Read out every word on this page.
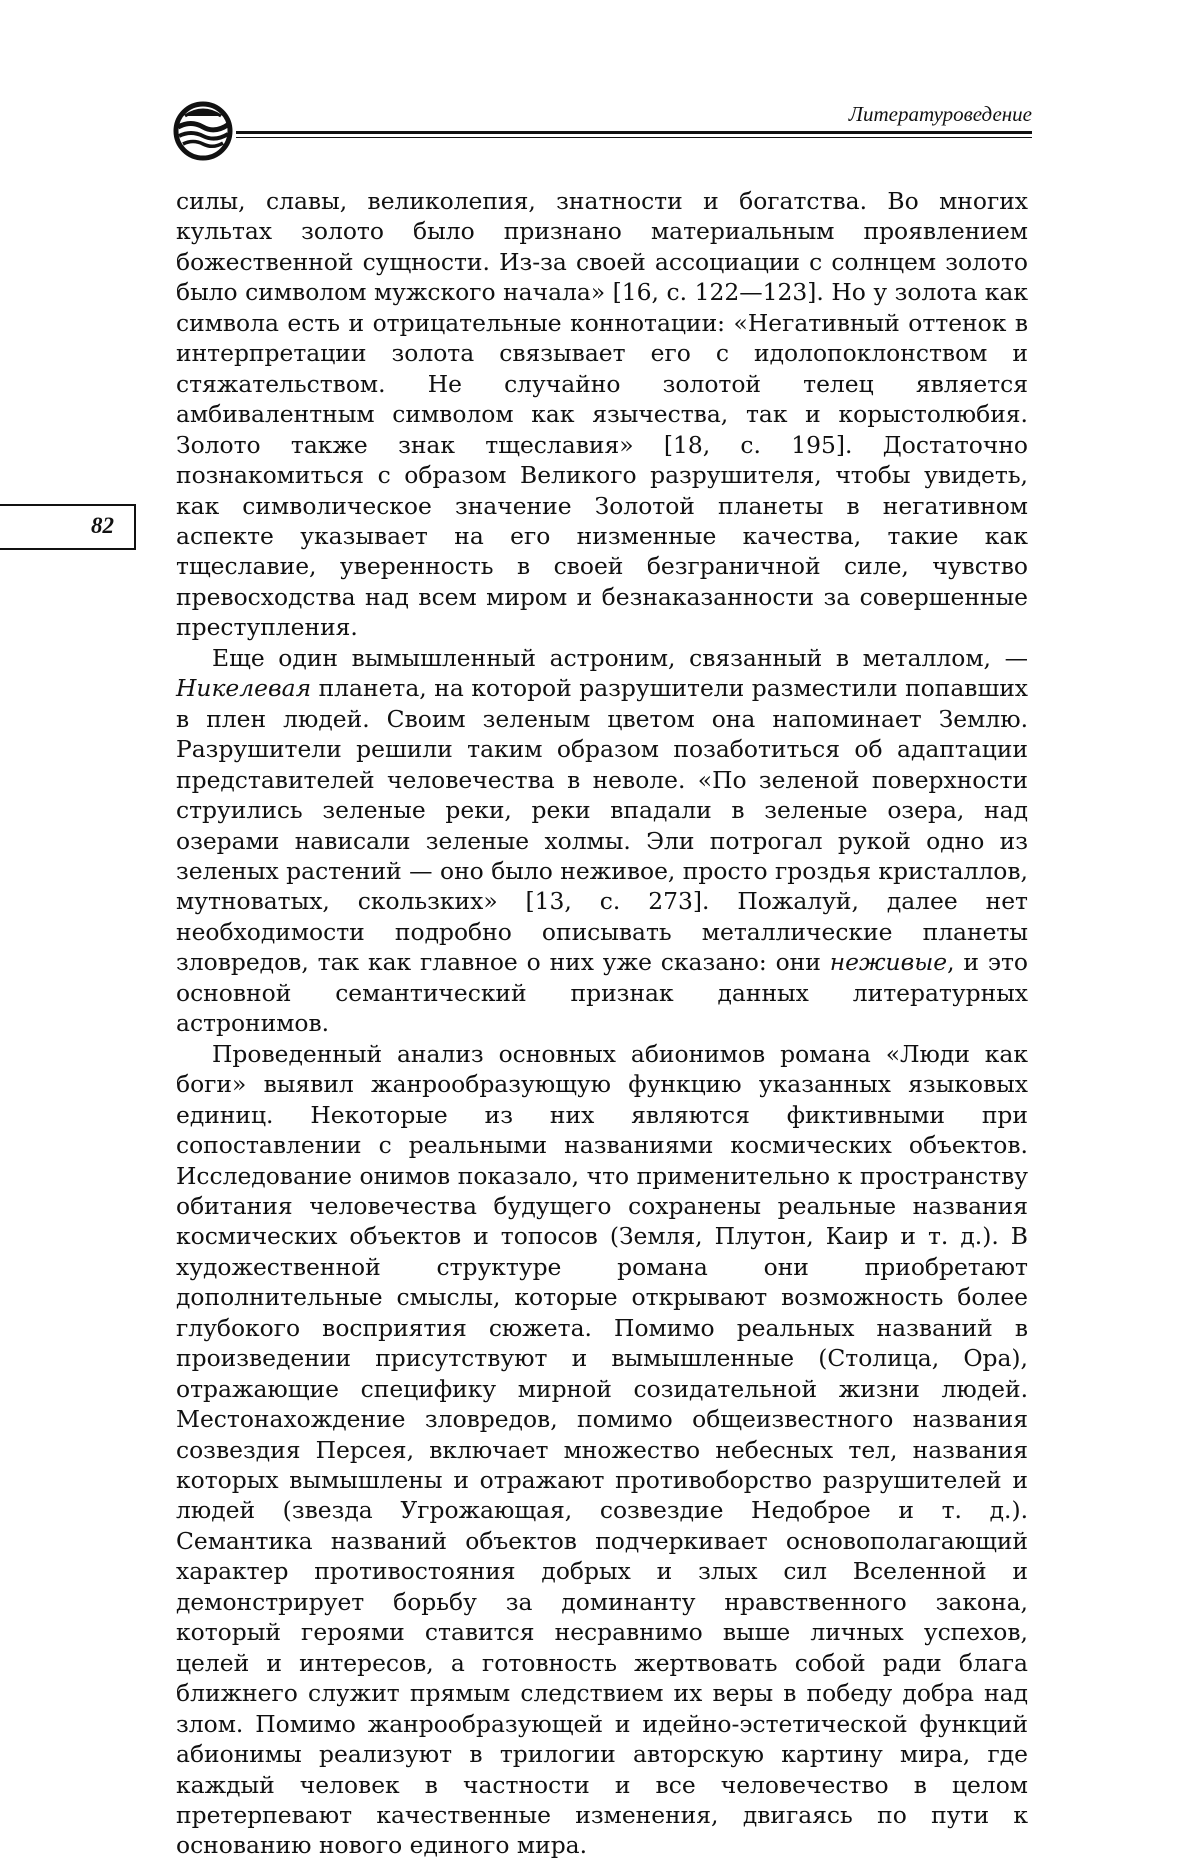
Литературоведение
82

силы, славы, великолепия, знатности и богатства. Во многих культах золото было признано материальным проявлением божественной сущности. Из-за своей ассоциации с солнцем золото было символом мужского начала» [16, с. 122—123]. Но у золота как символа есть и отрицательные коннотации: «Негативный оттенок в интерпретации золота связывает его с идолопоклонством и стяжательством. Не случайно золотой телец является амбивалентным символом как язычества, так и корыстолюбия. Золото также знак тщеславия» [18, с. 195]. Достаточно познакомиться с образом Великого разрушителя, чтобы увидеть, как символическое значение Золотой планеты в негативном аспекте указывает на его низменные качества, такие как тщеславие, уверенность в своей безграничной силе, чувство превосходства над всем миром и безнаказанности за совершенные преступления.

Еще один вымышленный астроним, связанный в металлом, — Никелевая планета, на которой разрушители разместили попавших в плен людей. Своим зеленым цветом она напоминает Землю. Разрушители решили таким образом позаботиться об адаптации представителей человечества в неволе. «По зеленой поверхности струились зеленые реки, реки впадали в зеленые озера, над озерами нависали зеленые холмы. Эли потрогал рукой одно из зеленых растений — оно было неживое, просто гроздья кристаллов, мутноватых, скользких» [13, с. 273]. Пожалуй, далее нет необходимости подробно описывать металлические планеты зловредов, так как главное о них уже сказано: они неживые, и это основной семантический признак данных литературных астронимов.

Проведенный анализ основных абионимов романа «Люди как боги» выявил жанрообразующую функцию указанных языковых единиц. Некоторые из них являются фиктивными при сопоставлении с реальными названиями космических объектов. Исследование онимов показало, что применительно к пространству обитания человечества будущего сохранены реальные названия космических объектов и топосов (Земля, Плутон, Каир и т. д.). В художественной структуре романа они приобретают дополнительные смыслы, которые открывают возможность более глубокого восприятия сюжета. Помимо реальных названий в произведении присутствуют и вымышленные (Столица, Ора), отражающие специфику мирной созидательной жизни людей. Местонахождение зловредов, помимо общеизвестного названия созвездия Персея, включает множество небесных тел, названия которых вымышлены и отражают противоборство разрушителей и людей (звезда Угрожающая, созвездие Недоброе и т. д.). Семантика названий объектов подчеркивает основополагающий характер противостояния добрых и злых сил Вселенной и демонстрирует борьбу за доминанту нравственного закона, который героями ставится несравнимо выше личных успехов, целей и интересов, а готовность жертвовать собой ради блага ближнего служит прямым следствием их веры в победу добра над злом. Помимо жанрообразующей и идейно-эстетической функций абионимы реализуют в трилогии авторскую картину мира, где каждый человек в частности и все человечество в целом претерпевают качественные изменения, двигаясь по пути к основанию нового единого мира.
